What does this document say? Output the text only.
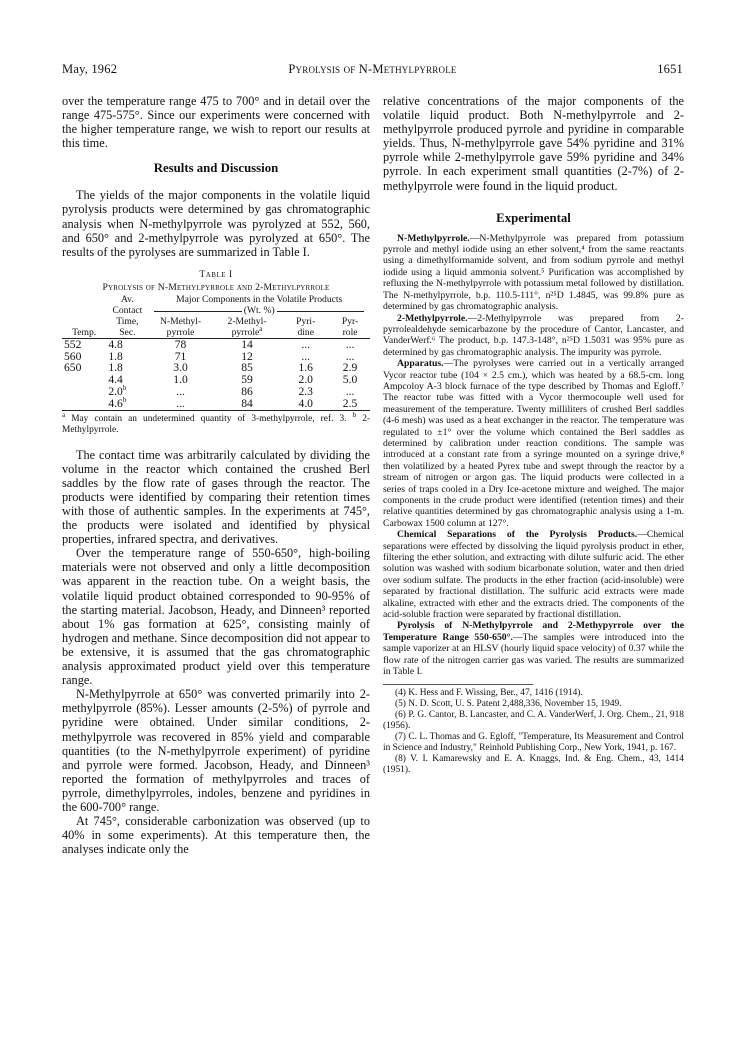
May, 1962	Pyrolysis of N-Methylpyrrole	1651

over the temperature range 475 to 700° and in detail over the range 475-575°. Since our experiments were concerned with the higher temperature range, we wish to report our results at this time.

Results and Discussion

The yields of the major components in the volatile liquid pyrolysis products were determined by gas chromatographic analysis when N-methylpyrrole was pyrolyzed at 552, 560, and 650° and 2-methylpyrrole was pyrolyzed at 650°. The results of the pyrolyses are summarized in Table I.

Table I

Pyrolysis of N-Methylpyrrole and 2-Methylpyrrole

	Av.	Major Components in the Volatile Products			
	Contact	(Wt. %)			
	Time,	N-Methyl-	2-Methyl-	Pyri-	Pyr-
Temp.	Sec.	pyrrole	pyrrole$^a$	dine	role
552	4.8	78	14	...	...
560	1.8	71	12	...	...
650	1.8	3.0	85	1.6	2.9
	4.4	1.0	59	2.0	5.0
	2.0$^b$	...	86	2.3	...
	4.6$^b$	...	84	4.0	2.5

$^a$ May contain an undetermined quantity of 3-methylpyrrole, ref. 3. $^b$ 2-Methylpyrrole.

The contact time was arbitrarily calculated by dividing the volume in the reactor which contained the crushed Berl saddles by the flow rate of gases through the reactor. The products were identified by comparing their retention times with those of authentic samples. In the experiments at 745°, the products were isolated and identified by physical properties, infrared spectra, and derivatives.

Over the temperature range of 550-650°, high-boiling materials were not observed and only a little decomposition was apparent in the reaction tube. On a weight basis, the volatile liquid product obtained corresponded to 90-95% of the starting material. Jacobson, Heady, and Dinneen³ reported about 1% gas formation at 625°, consisting mainly of hydrogen and methane. Since decomposition did not appear to be extensive, it is assumed that the gas chromatographic analysis approximated product yield over this temperature range.

N-Methylpyrrole at 650° was converted primarily into 2-methylpyrrole (85%). Lesser amounts (2-5%) of pyrrole and pyridine were obtained. Under similar conditions, 2-methylpyrrole was recovered in 85% yield and comparable quantities (to the N-methylpyrrole experiment) of pyridine and pyrrole were formed. Jacobson, Heady, and Dinneen³ reported the formation of methylpyrroles and traces of pyrrole, dimethylpyrroles, indoles, benzene and pyridines in the 600-700° range.

At 745°, considerable carbonization was observed (up to 40% in some experiments). At this temperature then, the analyses indicate only the

relative concentrations of the major components of the volatile liquid product. Both N-methylpyrrole and 2-methylpyrrole produced pyrrole and pyridine in comparable yields. Thus, N-methylpyrrole gave 54% pyridine and 31% pyrrole while 2-methylpyrrole gave 59% pyridine and 34% pyrrole. In each experiment small quantities (2-7%) of 2-methylpyrrole were found in the liquid product.

Experimental

N-Methylpyrrole.—N-Methylpyrrole was prepared from potassium pyrrole and methyl iodide using an ether solvent,⁴ from the same reactants using a dimethylformamide solvent, and from sodium pyrrole and methyl iodide using a liquid ammonia solvent.⁵ Purification was accomplished by refluxing the N-methylpyrrole with potassium metal followed by distillation. The N-methylpyrrole, b.p. 110.5-111°, n²⁵D 1.4845, was 99.8% pure as determined by gas chromatographic analysis.

2-Methylpyrrole.—2-Methylpyrrole was prepared from 2-pyrrolealdehyde semicarbazone by the procedure of Cantor, Lancaster, and VanderWerf.⁶ The product, b.p. 147.3-148°, n²⁵D 1.5031 was 95% pure as determined by gas chromatographic analysis. The impurity was pyrrole.

Apparatus.—The pyrolyses were carried out in a vertically arranged Vycor reactor tube (104 × 2.5 cm.), which was heated by a 68.5-cm. long Ampcoloy A-3 block furnace of the type described by Thomas and Egloff.⁷ The reactor tube was fitted with a Vycor thermocouple well used for measurement of the temperature. Twenty milliliters of crushed Berl saddles (4-6 mesh) was used as a heat exchanger in the reactor. The temperature was regulated to ±1° over the volume which contained the Berl saddles as determined by calibration under reaction conditions. The sample was introduced at a constant rate from a syringe mounted on a syringe drive,⁸ then volatilized by a heated Pyrex tube and swept through the reactor by a stream of nitrogen or argon gas. The liquid products were collected in a series of traps cooled in a Dry Ice-acetone mixture and weighed. The major components in the crude product were identified (retention times) and their relative quantities determined by gas chromatographic analysis using a 1-m. Carbowax 1500 column at 127°.

Chemical Separations of the Pyrolysis Products.—Chemical separations were effected by dissolving the liquid pyrolysis product in ether, filtering the ether solution, and extracting with dilute sulfuric acid. The ether solution was washed with sodium bicarbonate solution, water and then dried over sodium sulfate. The products in the ether fraction (acid-insoluble) were separated by fractional distillation. The sulfuric acid extracts were made alkaline, extracted with ether and the extracts dried. The components of the acid-soluble fraction were separated by fractional distillation.

Pyrolysis of N-Methylpyrrole and 2-Methypyrrole over the Temperature Range 550-650°.—The samples were introduced into the sample vaporizer at an HLSV (hourly liquid space velocity) of 0.37 while the flow rate of the nitrogen carrier gas was varied. The results are summarized in Table I.

(4) K. Hess and F. Wissing, Ber., 47, 1416 (1914).

(5) N. D. Scott, U. S. Patent 2,488,336, November 15, 1949.

(6) P. G. Cantor, B. Lancaster, and C. A. VanderWerf, J. Org. Chem., 21, 918 (1956).

(7) C. L. Thomas and G. Egloff, "Temperature, Its Measurement and Control in Science and Industry," Reinhold Publishing Corp., New York, 1941, p. 167.

(8) V. I. Kamarewsky and E. A. Knaggs, Ind. & Eng. Chem., 43, 1414 (1951).
